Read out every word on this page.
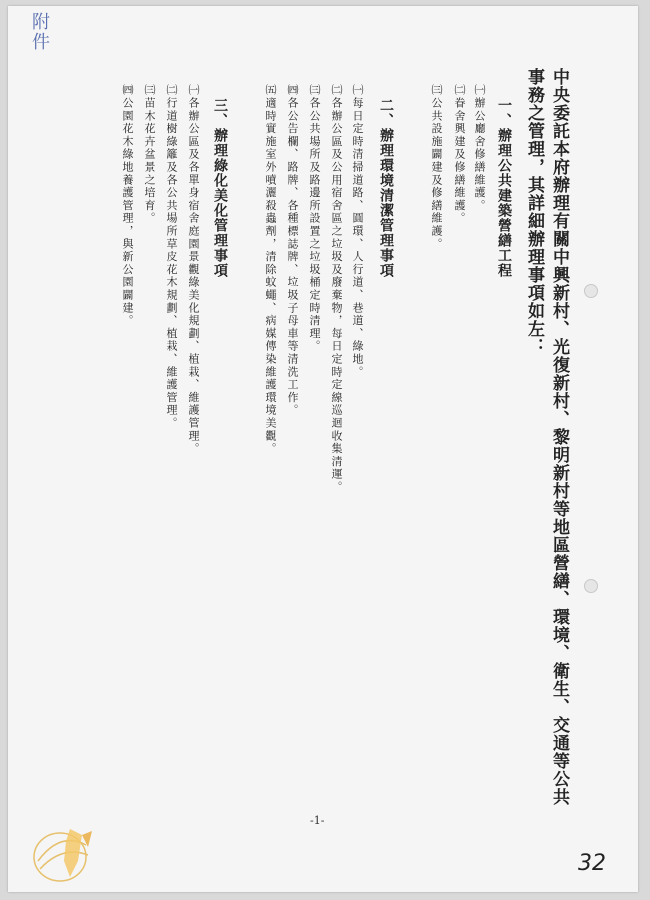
附件
中央委託本府辦理有關中興新村、光復新村、黎明新村等地區營繕、環境、衛生、交通等公共
事務之管理，其詳細辦理事項如左：
一、辦理公共建築營繕工程
㈠辦公廳舍修繕維護。
㈡眷舍興建及修繕維護。
㈢公共設施闢建及修繕維護。
二、辦理環境清潔管理事項
㈠每日定時清掃道路、圓環、人行道、巷道、綠地。
㈡各辦公區及公用宿舍區之垃圾及廢棄物，每日定時定線巡迴收集清運。
㈢各公共場所及路邊所設置之垃圾桶定時清理。
㈣各公告欄、路牌、各種標誌牌、垃圾子母車等清洗工作。
㈤適時實施室外噴灑殺蟲劑，清除蚊蠅、病媒傳染維護環境美觀。
三、辦理綠化美化管理事項
㈠各辦公區及各單身宿舍庭園景觀綠美化規劃、植栽、維護管理。
㈡行道樹綠籬及各公共場所草皮花木規劃、植栽、維護管理。
㈢苗木花卉盆景之培育。
㈣公園花木綠地養護管理，與新公園闢建。
-1-
32
